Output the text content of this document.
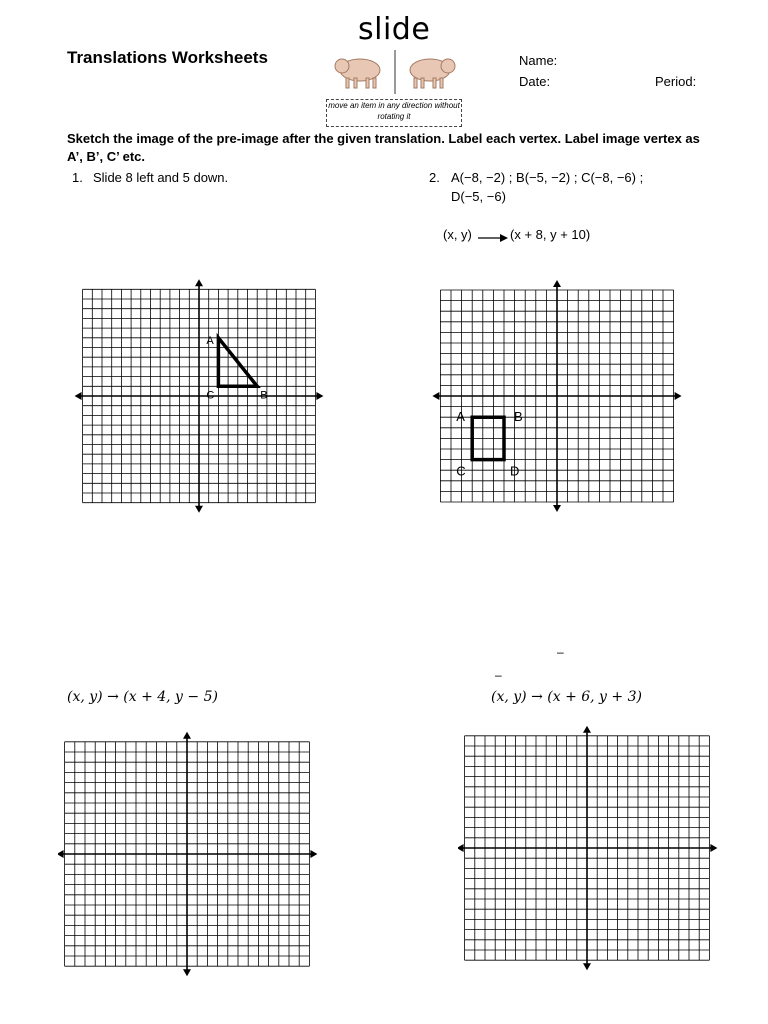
Translations Worksheets
slide
move an item in any direction without rotating it
Name:
Date:	Period:
Sketch the image of the pre-image after the given translation. Label each vertex. Label image vertex as A’, B’, C’ etc.
1. Slide 8 left and 5 down.	2. A(−8, −2) ; B(−5, −2) ; C(−8, −6) ;
D(−5, −6)
(x, y)	(x + 8, y + 10)
–
–
(𝑥, 𝑦) → (𝑥 + 4, 𝑦 − 5)	(𝑥, 𝑦) → (𝑥 + 6, 𝑦 + 3)
A
B
C
A	B
C	D
